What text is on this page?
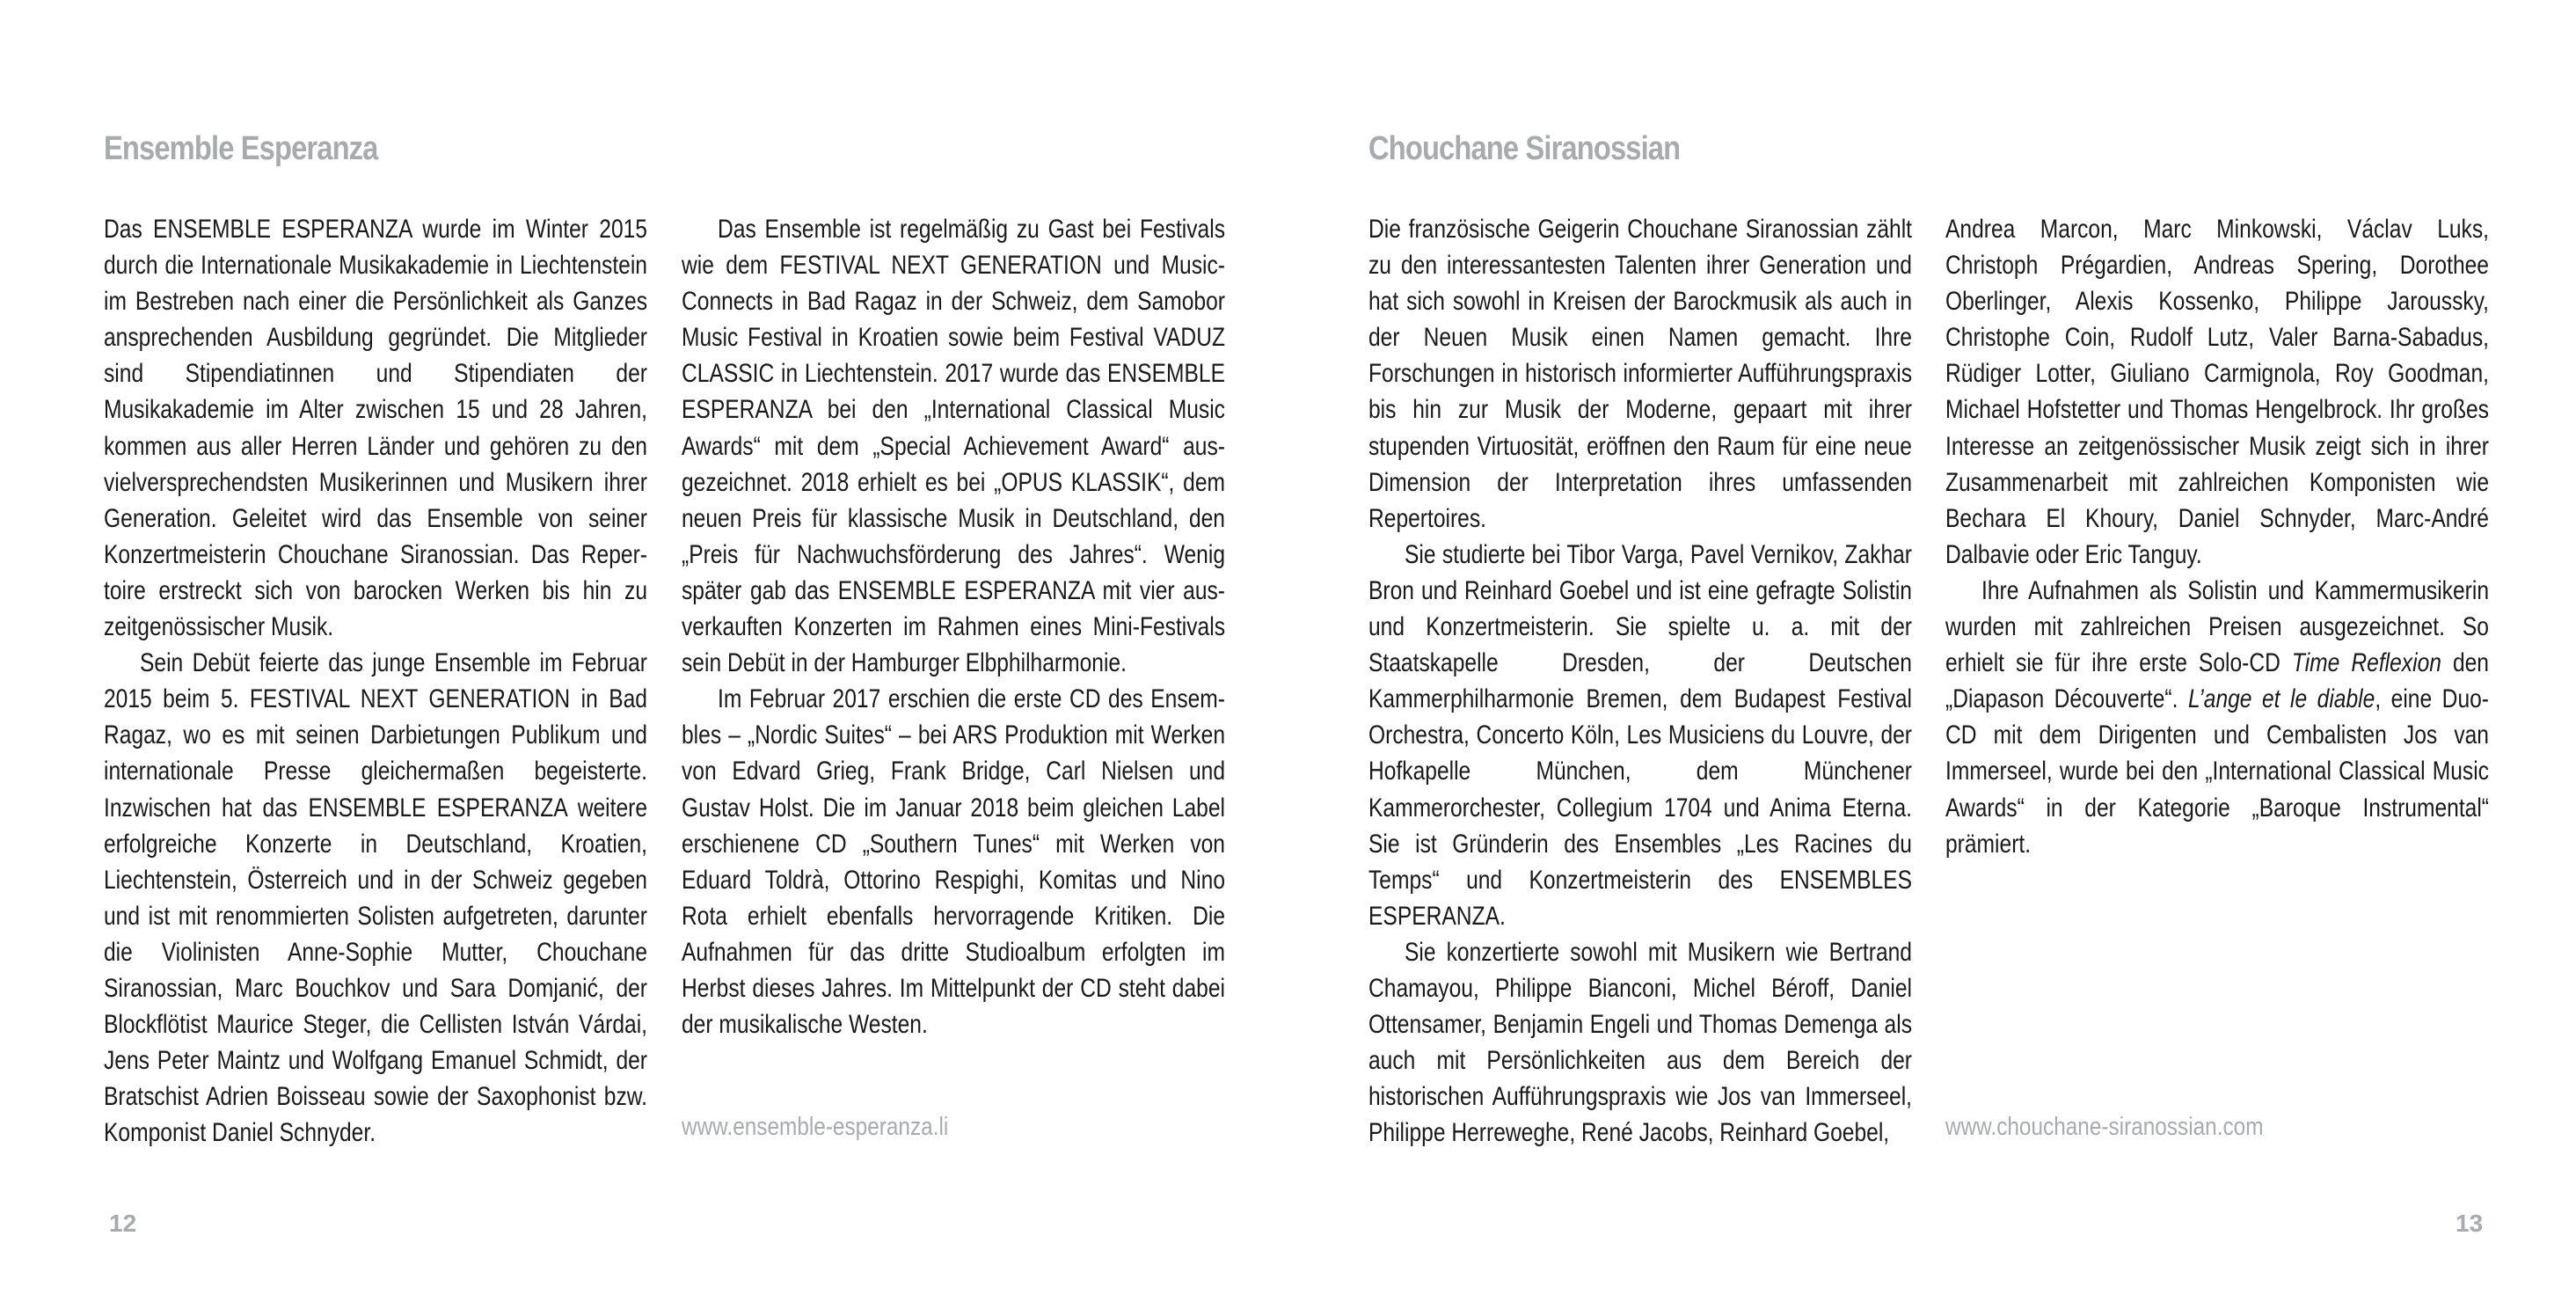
Ensemble Esperanza

Das ENSEMBLE ESPERANZA wurde im Winter 2015 durch die Internationale Musikakademie in Liechtenstein im Bestreben nach einer die Persönlichkeit als Ganzes ansprechenden Ausbildung gegründet. Die Mitglieder sind Stipendiatinnen und Stipendiaten der Musikakademie im Alter zwischen 15 und 28 Jahren, kommen aus aller Herren Länder und gehören zu den vielversprechendsten Musikerinnen und Musikern ihrer Generation. Geleitet wird das Ensemble von seiner Konzertmeisterin Chouchane Siranossian. Das Repertoire erstreckt sich von barocken Werken bis hin zu zeitgenössischer Musik.

Sein Debüt feierte das junge Ensemble im Februar 2015 beim 5. FESTIVAL NEXT GENERATION in Bad Ragaz, wo es mit seinen Darbietungen Publikum und internationale Presse gleichermaßen begeisterte. Inzwischen hat das ENSEMBLE ESPERANZA weitere erfolgreiche Konzerte in Deutschland, Kroatien, Liechtenstein, Österreich und in der Schweiz gegeben und ist mit renommierten Solisten aufgetreten, darunter die Violinisten Anne-Sophie Mutter, Chouchane Siranossian, Marc Bouchkov und Sara Domjanić, der Blockflötist Maurice Steger, die Cellisten István Várdai, Jens Peter Maintz und Wolfgang Emanuel Schmidt, der Bratschist Adrien Boisseau sowie der Saxophonist bzw. Komponist Daniel Schnyder.

Das Ensemble ist regelmäßig zu Gast bei Festivals wie dem FESTIVAL NEXT GENERATION und Music-Connects in Bad Ragaz in der Schweiz, dem Samobor Music Festival in Kroatien sowie beim Festival VADUZ CLASSIC in Liechtenstein. 2017 wurde das ENSEMBLE ESPERANZA bei den „International Classical Music Awards“ mit dem „Special Achievement Award“ ausgezeichnet. 2018 erhielt es bei „OPUS KLASSIK“, dem neuen Preis für klassische Musik in Deutschland, den „Preis für Nachwuchsförderung des Jahres“. Wenig später gab das ENSEMBLE ESPERANZA mit vier ausverkauften Konzerten im Rahmen eines Mini-Festivals sein Debüt in der Hamburger Elbphilharmonie.

Im Februar 2017 erschien die erste CD des Ensembles – „Nordic Suites“ – bei ARS Produktion mit Werken von Edvard Grieg, Frank Bridge, Carl Nielsen und Gustav Holst. Die im Januar 2018 beim gleichen Label erschienene CD „Southern Tunes“ mit Werken von Eduard Toldrà, Ottorino Respighi, Komitas und Nino Rota erhielt ebenfalls hervorragende Kritiken. Die Aufnahmen für das dritte Studioalbum erfolgten im Herbst dieses Jahres. Im Mittelpunkt der CD steht dabei der musikalische Westen.

www.ensemble-esperanza.li
12
Chouchane Siranossian

Die französische Geigerin Chouchane Siranossian zählt zu den interessantesten Talenten ihrer Generation und hat sich sowohl in Kreisen der Barockmusik als auch in der Neuen Musik einen Namen gemacht. Ihre Forschungen in historisch informierter Aufführungspraxis bis hin zur Musik der Moderne, gepaart mit ihrer stupenden Virtuosität, eröffnen den Raum für eine neue Dimension der Interpretation ihres umfassenden Repertoires.

Sie studierte bei Tibor Varga, Pavel Vernikov, Zakhar Bron und Reinhard Goebel und ist eine gefragte Solistin und Konzertmeisterin. Sie spielte u. a. mit der Staatskapelle Dresden, der Deutschen Kammerphilharmonie Bremen, dem Budapest Festival Orchestra, Concerto Köln, Les Musiciens du Louvre, der Hofkapelle München, dem Münchener Kammerorchester, Collegium 1704 und Anima Eterna. Sie ist Gründerin des Ensembles „Les Racines du Temps“ und Konzertmeisterin des ENSEMBLES ESPERANZA.

Sie konzertierte sowohl mit Musikern wie Bertrand Chamayou, Philippe Bianconi, Michel Béroff, Daniel Ottensamer, Benjamin Engeli und Thomas Demenga als auch mit Persönlichkeiten aus dem Bereich der historischen Aufführungspraxis wie Jos van Immerseel, Philippe Herreweghe, René Jacobs, Reinhard Goebel,

Andrea Marcon, Marc Minkowski, Václav Luks, Christoph Prégardien, Andreas Spering, Dorothee Oberlinger, Alexis Kossenko, Philippe Jaroussky, Christophe Coin, Rudolf Lutz, Valer Barna-Sabadus, Rüdiger Lotter, Giuliano Carmignola, Roy Goodman, Michael Hofstetter und Thomas Hengelbrock. Ihr großes Interesse an zeitgenössischer Musik zeigt sich in ihrer Zusammenarbeit mit zahlreichen Komponisten wie Bechara El Khoury, Daniel Schnyder, Marc-André Dalbavie oder Eric Tanguy.

Ihre Aufnahmen als Solistin und Kammermusikerin wurden mit zahlreichen Preisen ausgezeichnet. So erhielt sie für ihre erste Solo-CD Time Reflexion den „Diapason Découverte“. L’ange et le diable, eine Duo-CD mit dem Dirigenten und Cembalisten Jos van Immerseel, wurde bei den „International Classical Music Awards“ in der Kategorie „Baroque Instrumental“ prämiert.

www.chouchane-siranossian.com
13
